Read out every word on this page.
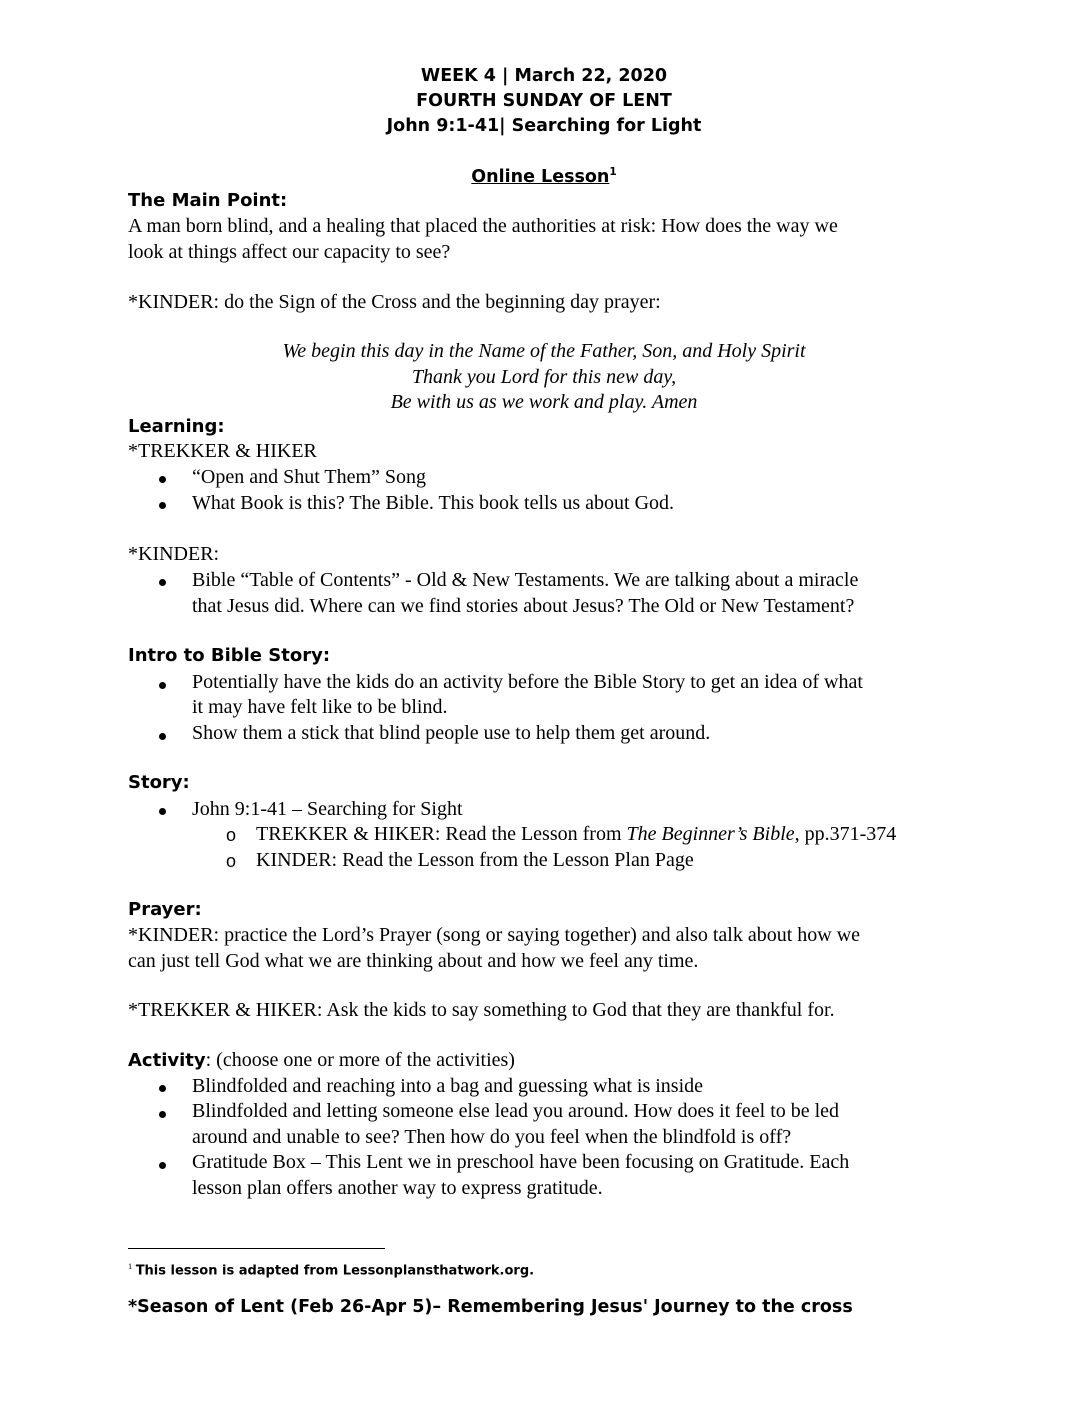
WEEK 4 | March 22, 2020
FOURTH SUNDAY OF LENT
John 9:1-41| Searching for Light
Online Lesson$^1$
The Main Point:
A man born blind, and a healing that placed the authorities at risk: How does the way we
look at things affect our capacity to see?
*KINDER: do the Sign of the Cross and the beginning day prayer:
We begin this day in the Name of the Father, Son, and Holy Spirit
Thank you Lord for this new day,
Be with us as we work and play. Amen
Learning:
*TREKKER & HIKER
“Open and Shut Them” Song
What Book is this? The Bible. This book tells us about God.
*KINDER:
Bible “Table of Contents” - Old & New Testaments. We are talking about a miracle
that Jesus did. Where can we find stories about Jesus? The Old or New Testament?
Intro to Bible Story:
Potentially have the kids do an activity before the Bible Story to get an idea of what
it may have felt like to be blind.
Show them a stick that blind people use to help them get around.
Story:
John 9:1-41 – Searching for Sight
o TREKKER & HIKER: Read the Lesson from The Beginner’s Bible, pp.371-374
o KINDER: Read the Lesson from the Lesson Plan Page
Prayer:
*KINDER: practice the Lord’s Prayer (song or saying together) and also talk about how we
can just tell God what we are thinking about and how we feel any time.
*TREKKER & HIKER: Ask the kids to say something to God that they are thankful for.
Activity: (choose one or more of the activities)
Blindfolded and reaching into a bag and guessing what is inside
Blindfolded and letting someone else lead you around. How does it feel to be led
around and unable to see? Then how do you feel when the blindfold is off?
Gratitude Box – This Lent we in preschool have been focusing on Gratitude. Each
lesson plan offers another way to express gratitude.
$^1$ This lesson is adapted from Lessonplansthatwork.org.
*Season of Lent (Feb 26-Apr 5)– Remembering Jesus' Journey to the cross
